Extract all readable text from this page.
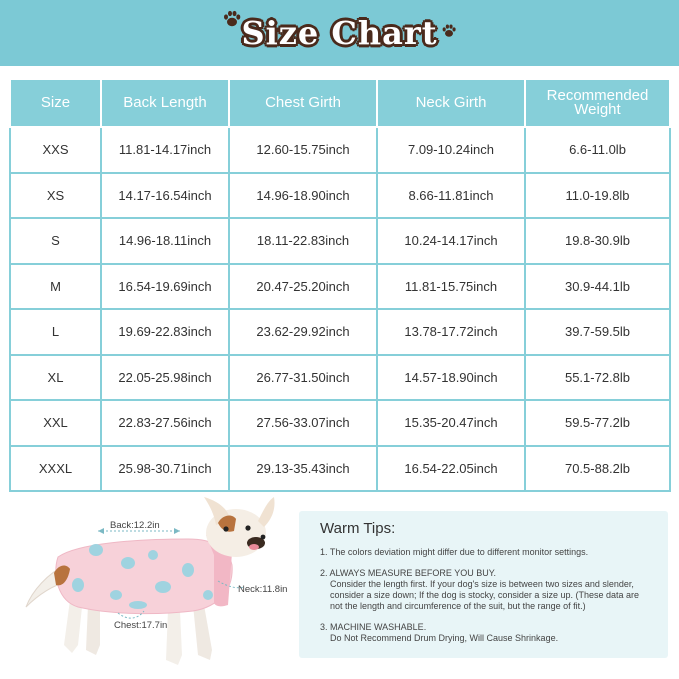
Size Chart
Size	Back Length	Chest Girth	Neck Girth	Recommended
Weight
XXS	11.81-14.17inch	12.60-15.75inch	7.09-10.24inch	6.6-11.0lb
XS	14.17-16.54inch	14.96-18.90inch	8.66-11.81inch	11.0-19.8lb
S	14.96-18.11inch	18.11-22.83inch	10.24-14.17inch	19.8-30.9lb
M	16.54-19.69inch	20.47-25.20inch	11.81-15.75inch	30.9-44.1lb
L	19.69-22.83inch	23.62-29.92inch	13.78-17.72inch	39.7-59.5lb
XL	22.05-25.98inch	26.77-31.50inch	14.57-18.90inch	55.1-72.8lb
XXL	22.83-27.56inch	27.56-33.07inch	15.35-20.47inch	59.5-77.2lb
XXXL	25.98-30.71inch	29.13-35.43inch	16.54-22.05inch	70.5-88.2lb
Back:12.2in
Neck:11.8in
Chest:17.7in
Warm Tips:
1. The colors deviation might differ due to different monitor settings.
2. ALWAYS MEASURE BEFORE YOU BUY.
Consider the length first. If your dog's size is between two sizes and slender, consider a size down; If the dog is stocky, consider a size up. (These data are not the length and circumference of the suit, but the range of fit.)
3. MACHINE WASHABLE.
Do Not Recommend Drum Drying, Will Cause Shrinkage.
